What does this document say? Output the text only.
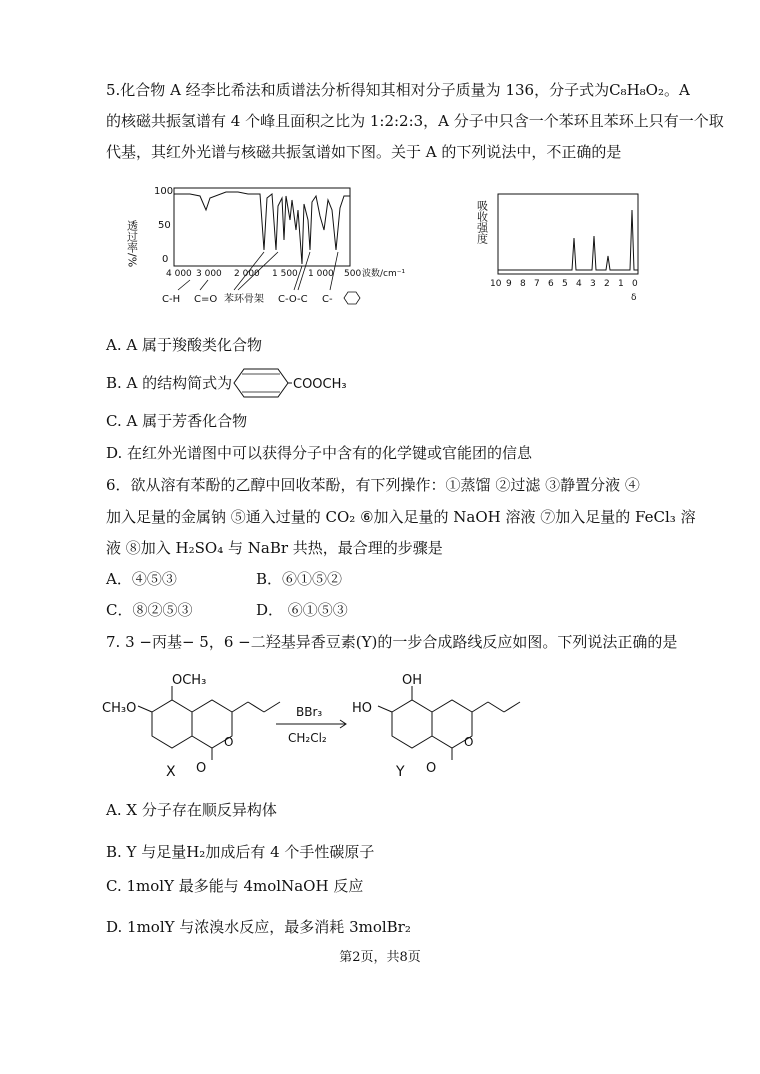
5.化合物 A 经李比希法和质谱法分析得知其相对分子质量为 136，分子式为C₈H₈O₂。A
的核磁共振氢谱有 4 个峰且面积之比为 1:2:2:3，A 分子中只含一个苯环且苯环上只有一个取
代基，其红外光谱与核磁共振氢谱如下图。关于 A 的下列说法中，不正确的是
透过率/%
100
50
0
4 000 3 000 2 000 1 500 1 000 500 波数/cm⁻¹
C-H C=O 苯环骨架 C-O-C C-
吸收强度
10 9 8 7 6 5 4 3 2 1 0
δ
A. A 属于羧酸类化合物
B. A 的结构简式为	COOCH₃
C. A 属于芳香化合物
D. 在红外光谱图中可以获得分子中含有的化学键或官能团的信息
6．欲从溶有苯酚的乙醇中回收苯酚，有下列操作：①蒸馏 ②过滤 ③静置分液 ④
加入足量的金属钠 ⑤通入过量的 CO₂ ⑥加入足量的 NaOH 溶液 ⑦加入足量的 FeCl₃ 溶
液 ⑧加入 H₂SO₄ 与 NaBr 共热，最合理的步骤是
A．④⑤③	B．⑥①⑤②
C．⑧②⑤③	D． ⑥①⑤③
7. 3 −丙基− 5，6 −二羟基异香豆素(Y)的一步合成路线反应如图。下列说法正确的是
OCH₃
CH₃O
O
O
X
BBr₃
CH₂Cl₂
OH
HO
O
O
Y
A. X 分子存在顺反异构体
B. Y 与足量H₂加成后有 4 个手性碳原子
C. 1molY 最多能与 4molNaOH 反应
D. 1molY 与浓溴水反应，最多消耗 3molBr₂
第2页，共8页
